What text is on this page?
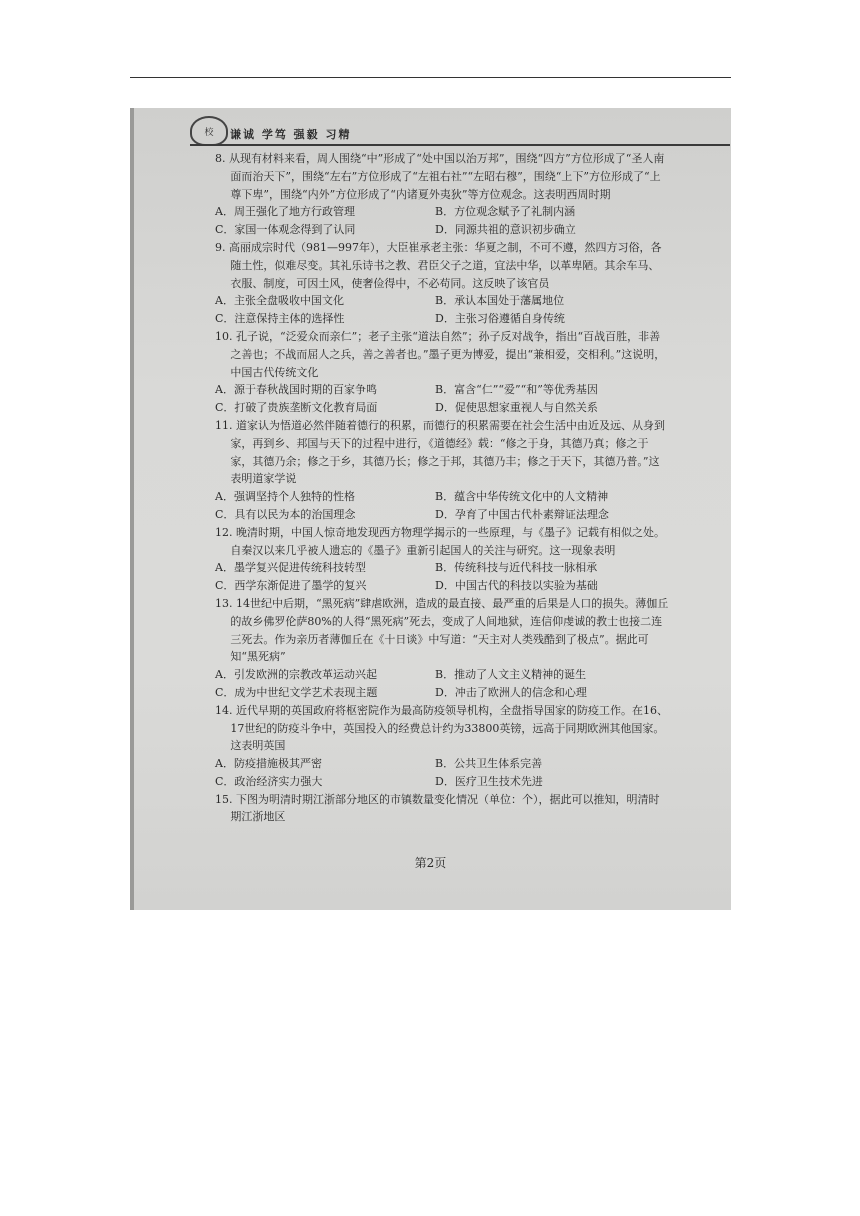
校	谦诚 学笃 强毅 习精
8. 从现有材料来看，周人围绕“中”形成了“处中国以治万邦”，围绕“四方”方位形成了“圣人南面而治天下”，围绕“左右”方位形成了“左祖右社”“左昭右穆”，围绕“上下”方位形成了“上尊下卑”，围绕“内外”方位形成了“内诸夏外夷狄”等方位观念。这表明西周时期
A．周王强化了地方行政管理	B．方位观念赋予了礼制内涵
C．家国一体观念得到了认同	D．同源共祖的意识初步确立
9. 高丽成宗时代（981—997年），大臣崔承老主张：华夏之制，不可不遵，然四方习俗，各随土性，似难尽变。其礼乐诗书之教、君臣父子之道，宜法中华，以革卑陋。其余车马、衣服、制度，可因土风，使奢俭得中，不必苟同。这反映了该官员
A．主张全盘吸收中国文化	B．承认本国处于藩属地位
C．注意保持主体的选择性	D．主张习俗遵循自身传统
10. 孔子说，“泛爱众而亲仁”；老子主张“道法自然”；孙子反对战争，指出“百战百胜，非善之善也；不战而屈人之兵，善之善者也。”墨子更为博爱，提出“兼相爱，交相利。”这说明，中国古代传统文化
A．源于春秋战国时期的百家争鸣	B．富含“仁”“爱”“和”等优秀基因
C．打破了贵族垄断文化教育局面	D．促使思想家重视人与自然关系
11. 道家认为悟道必然伴随着德行的积累，而德行的积累需要在社会生活中由近及远、从身到家，再到乡、邦国与天下的过程中进行，《道德经》载：“修之于身，其德乃真；修之于家，其德乃余；修之于乡，其德乃长；修之于邦，其德乃丰；修之于天下，其德乃普。”这表明道家学说
A．强调坚持个人独特的性格	B．蕴含中华传统文化中的人文精神
C．具有以民为本的治国理念	D．孕育了中国古代朴素辩证法理念
12. 晚清时期，中国人惊奇地发现西方物理学揭示的一些原理，与《墨子》记载有相似之处。自秦汉以来几乎被人遗忘的《墨子》重新引起国人的关注与研究。这一现象表明
A．墨学复兴促进传统科技转型	B．传统科技与近代科技一脉相承
C．西学东渐促进了墨学的复兴	D．中国古代的科技以实验为基础
13. 14世纪中后期，“黑死病”肆虐欧洲，造成的最直接、最严重的后果是人口的损失。薄伽丘的故乡佛罗伦萨80%的人得“黑死病”死去，变成了人间地狱，连信仰虔诚的教士也接二连三死去。作为亲历者薄伽丘在《十日谈》中写道：“天主对人类残酷到了极点”。据此可知“黑死病”
A．引发欧洲的宗教改革运动兴起	B．推动了人文主义精神的诞生
C．成为中世纪文学艺术表现主题	D．冲击了欧洲人的信念和心理
14. 近代早期的英国政府将枢密院作为最高防疫领导机构，全盘指导国家的防疫工作。在16、17世纪的防疫斗争中，英国投入的经费总计约为33800英镑，远高于同期欧洲其他国家。这表明英国
A．防疫措施极其严密	B．公共卫生体系完善
C．政治经济实力强大	D．医疗卫生技术先进
15. 下图为明清时期江浙部分地区的市镇数量变化情况（单位：个），据此可以推知，明清时期江浙地区
第2页
